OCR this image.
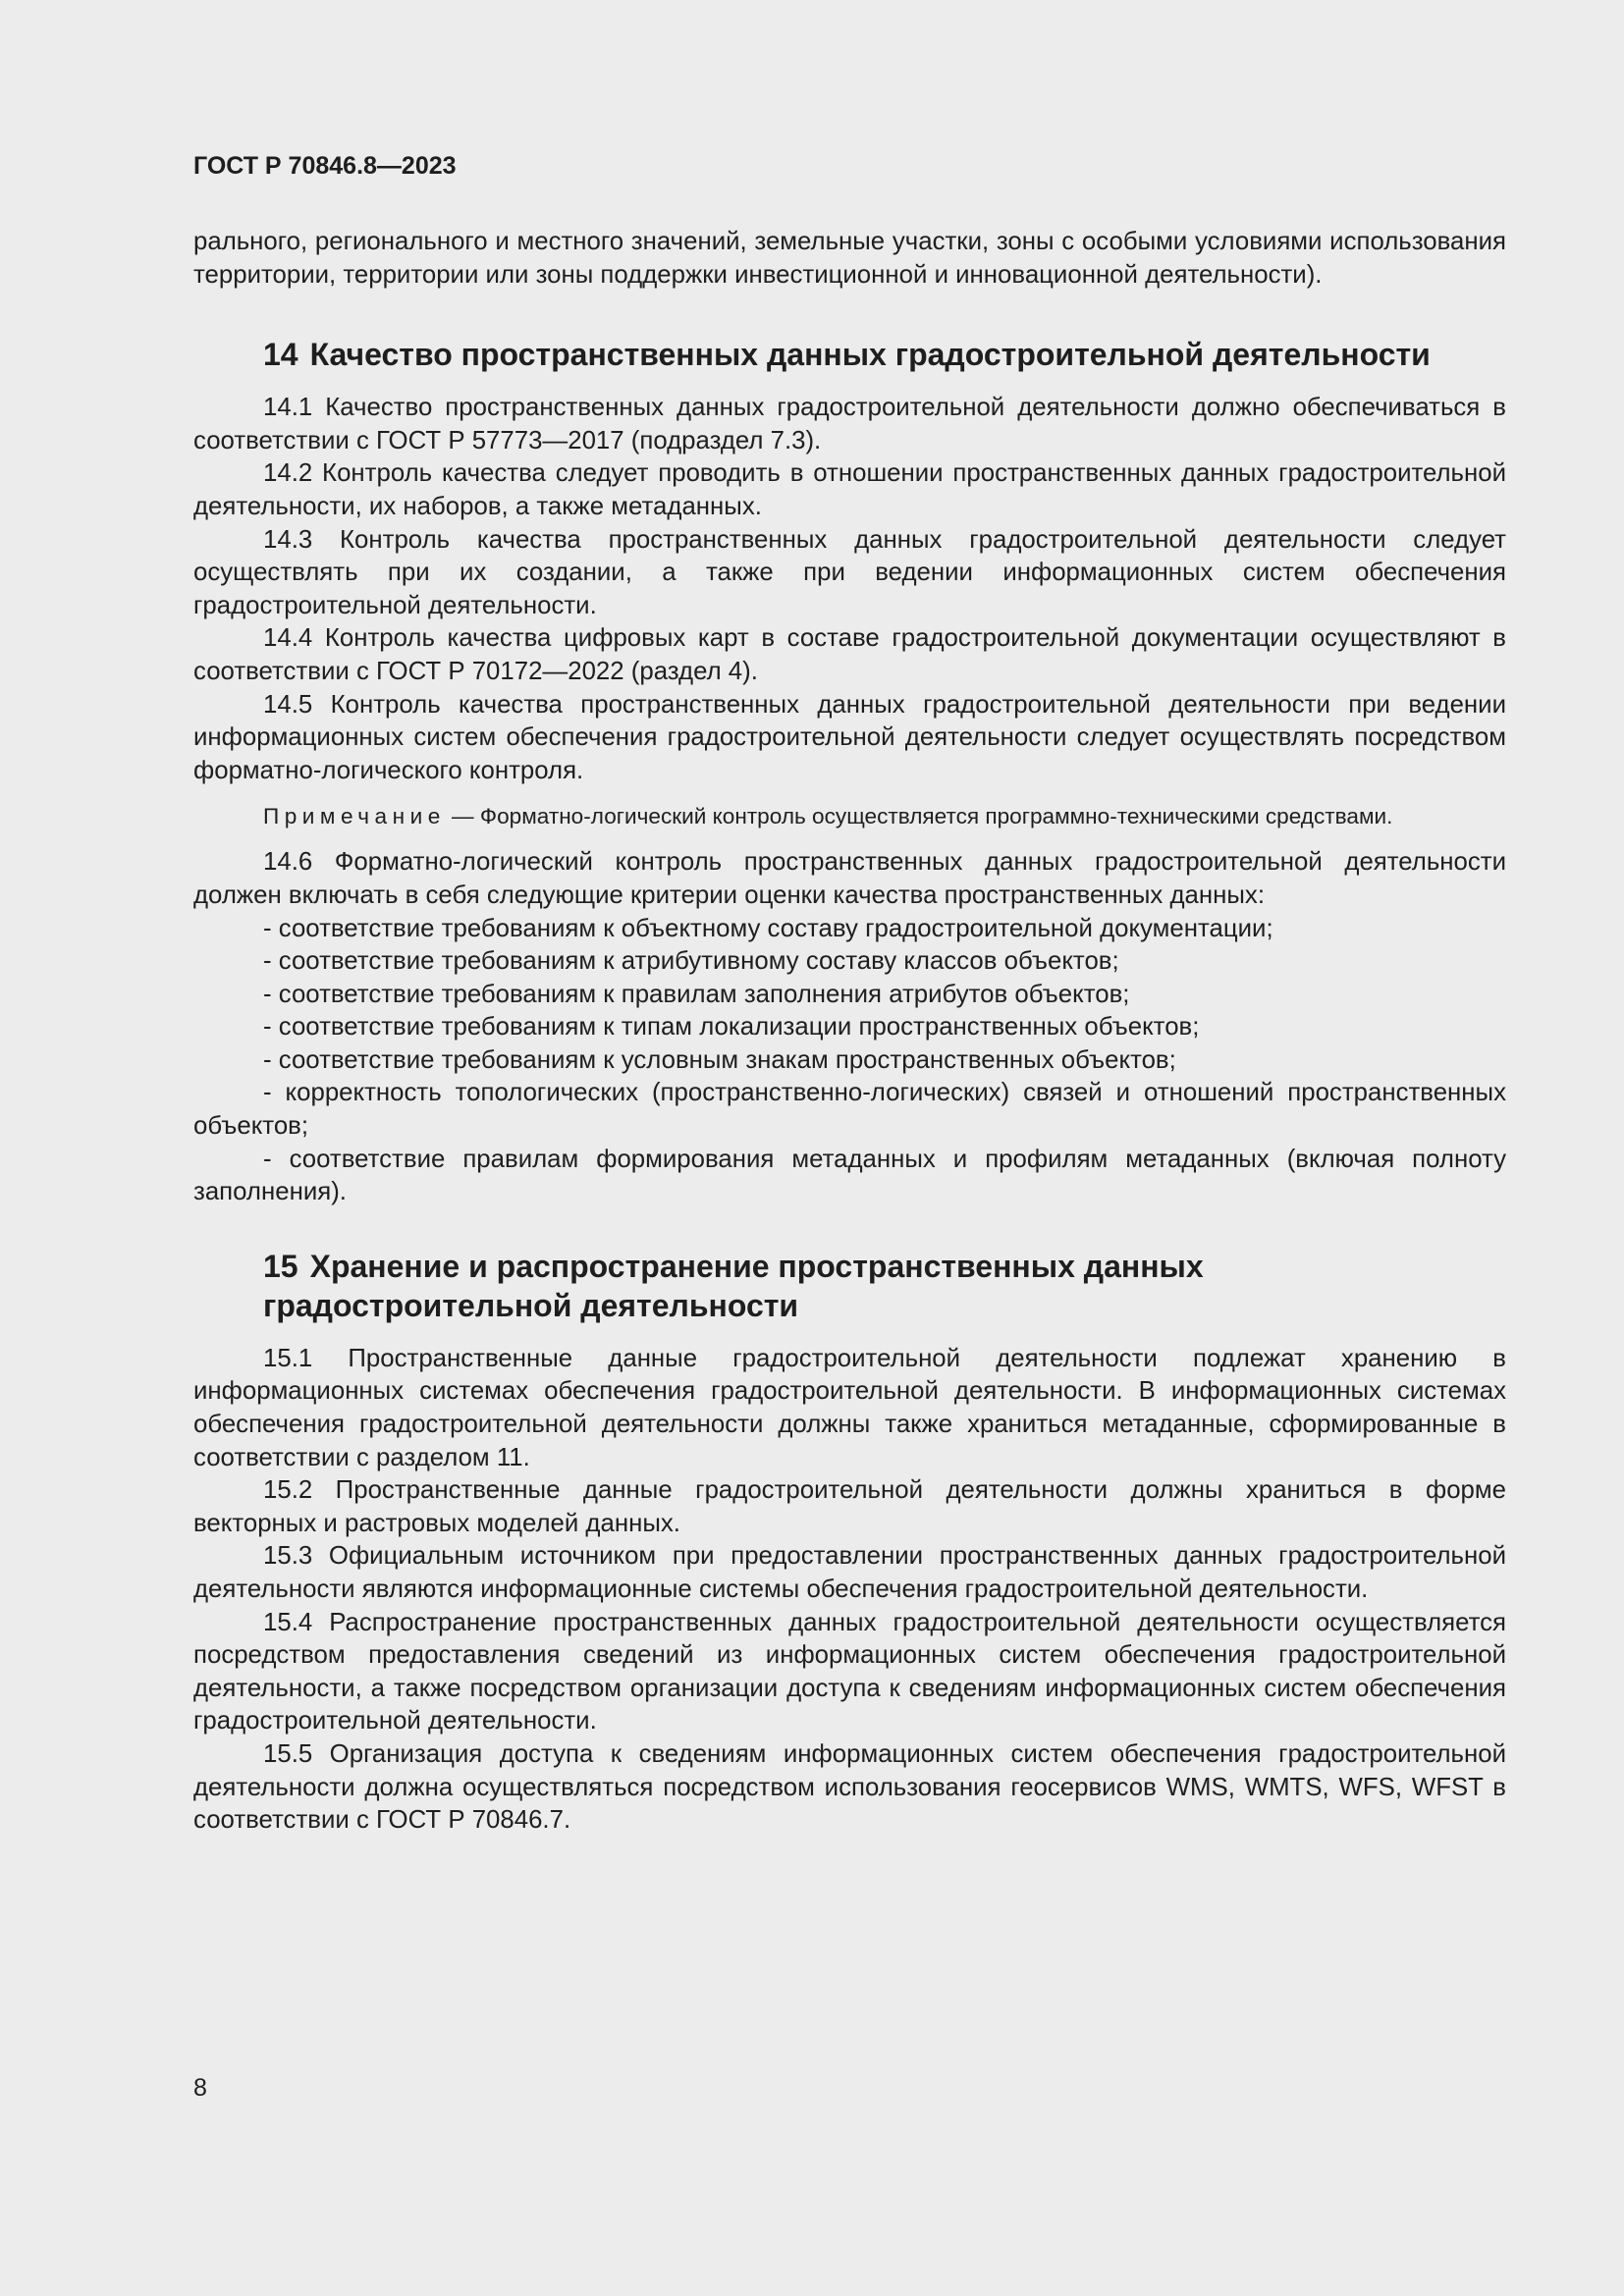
ГОСТ Р 70846.8—2023

рального, регионального и местного значений, земельные участки, зоны с особыми условиями использования территории, территории или зоны поддержки инвестиционной и инновационной деятельности).

14 Качество пространственных данных градостроительной деятельности

14.1 Качество пространственных данных градостроительной деятельности должно обеспечиваться в соответствии с ГОСТ Р 57773—2017 (подраздел 7.3).

14.2 Контроль качества следует проводить в отношении пространственных данных градостроительной деятельности, их наборов, а также метаданных.

14.3 Контроль качества пространственных данных градостроительной деятельности следует осуществлять при их создании, а также при ведении информационных систем обеспечения градостроительной деятельности.

14.4 Контроль качества цифровых карт в составе градостроительной документации осуществляют в соответствии с ГОСТ Р 70172—2022 (раздел 4).

14.5 Контроль качества пространственных данных градостроительной деятельности при ведении информационных систем обеспечения градостроительной деятельности следует осуществлять посредством форматно-логического контроля.

Примечание — Форматно-логический контроль осуществляется программно-техническими средствами.

14.6 Форматно-логический контроль пространственных данных градостроительной деятельности должен включать в себя следующие критерии оценки качества пространственных данных:

- соответствие требованиям к объектному составу градостроительной документации;

- соответствие требованиям к атрибутивному составу классов объектов;

- соответствие требованиям к правилам заполнения атрибутов объектов;

- соответствие требованиям к типам локализации пространственных объектов;

- соответствие требованиям к условным знакам пространственных объектов;

- корректность топологических (пространственно-логических) связей и отношений пространственных объектов;

- соответствие правилам формирования метаданных и профилям метаданных (включая полноту заполнения).

15 Хранение и распространение пространственных данных
градостроительной деятельности

15.1 Пространственные данные градостроительной деятельности подлежат хранению в информационных системах обеспечения градостроительной деятельности. В информационных системах обеспечения градостроительной деятельности должны также храниться метаданные, сформированные в соответствии с разделом 11.

15.2 Пространственные данные градостроительной деятельности должны храниться в форме векторных и растровых моделей данных.

15.3 Официальным источником при предоставлении пространственных данных градостроительной деятельности являются информационные системы обеспечения градостроительной деятельности.

15.4 Распространение пространственных данных градостроительной деятельности осуществляется посредством предоставления сведений из информационных систем обеспечения градостроительной деятельности, а также посредством организации доступа к сведениям информационных систем обеспечения градостроительной деятельности.

15.5 Организация доступа к сведениям информационных систем обеспечения градостроительной деятельности должна осуществляться посредством использования геосервисов WMS, WMTS, WFS, WFST в соответствии с ГОСТ Р 70846.7.

8
